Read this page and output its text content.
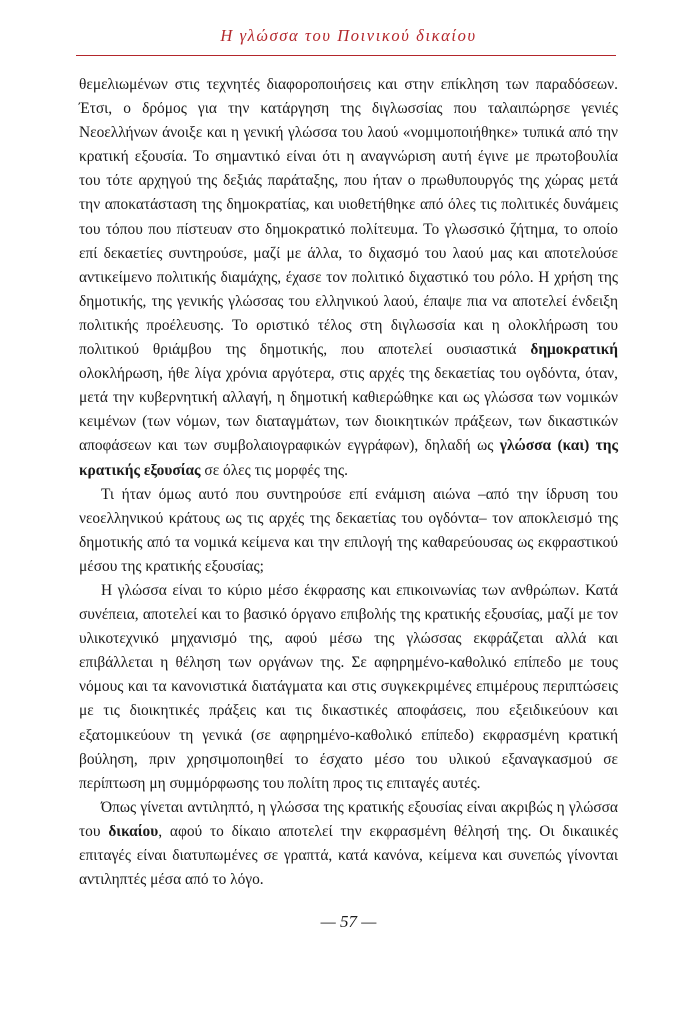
Η γλώσσα του Ποινικού δικαίου

θεμελιωμένων στις τεχνητές διαφοροποιήσεις και στην επίκληση των παραδόσεων. Έτσι, ο δρόμος για την κατάργηση της διγλωσσίας που ταλαιπώρησε γενιές Νεοελλήνων άνοιξε και η γενική γλώσσα του λαού «νομιμοποιήθηκε» τυπικά από την κρατική εξουσία. Το σημαντικό είναι ότι η αναγνώριση αυτή έγινε με πρωτοβουλία του τότε αρχηγού της δεξιάς παράταξης, που ήταν ο πρωθυπουργός της χώρας μετά την αποκατάσταση της δημοκρατίας, και υιοθετήθηκε από όλες τις πολιτικές δυνάμεις του τόπου που πίστευαν στο δημοκρατικό πολίτευμα. Το γλωσσικό ζήτημα, το οποίο επί δεκαετίες συντηρούσε, μαζί με άλλα, το διχασμό του λαού μας και αποτελούσε αντικείμενο πολιτικής διαμάχης, έχασε τον πολιτικό διχαστικό του ρόλο. Η χρήση της δημοτικής, της γενικής γλώσσας του ελληνικού λαού, έπαψε πια να αποτελεί ένδειξη πολιτικής προέλευσης. Το οριστικό τέλος στη διγλωσσία και η ολοκλήρωση του πολιτικού θριάμβου της δημοτικής, που αποτελεί ουσιαστικά δημοκρατική ολοκλήρωση, ήθε λίγα χρόνια αργότερα, στις αρχές της δεκαετίας του ογδόντα, όταν, μετά την κυβερνητική αλλαγή, η δημοτική καθιερώθηκε και ως γλώσσα των νομικών κειμένων (των νόμων, των διαταγμάτων, των διοικητικών πράξεων, των δικαστικών αποφάσεων και των συμβολαιογραφικών εγγράφων), δηλαδή ως γλώσσα (και) της κρατικής εξουσίας σε όλες τις μορφές της.

Τι ήταν όμως αυτό που συντηρούσε επί ενάμιση αιώνα –από την ίδρυση του νεοελληνικού κράτους ως τις αρχές της δεκαετίας του ογδόντα– τον αποκλεισμό της δημοτικής από τα νομικά κείμενα και την επιλογή της καθαρεύουσας ως εκφραστικού μέσου της κρατικής εξουσίας;

Η γλώσσα είναι το κύριο μέσο έκφρασης και επικοινωνίας των ανθρώπων. Κατά συνέπεια, αποτελεί και το βασικό όργανο επιβολής της κρατικής εξουσίας, μαζί με τον υλικοτεχνικό μηχανισμό της, αφού μέσω της γλώσσας εκφράζεται αλλά και επιβάλλεται η θέληση των οργάνων της. Σε αφηρημένο-καθολικό επίπεδο με τους νόμους και τα κανονιστικά διατάγματα και στις συγκεκριμένες επιμέρους περιπτώσεις με τις διοικητικές πράξεις και τις δικαστικές αποφάσεις, που εξειδικεύουν και εξατομικεύουν τη γενικά (σε αφηρημένο-καθολικό επίπεδο) εκφρασμένη κρατική βούληση, πριν χρησιμοποιηθεί το έσχατο μέσο του υλικού εξαναγκασμού σε περίπτωση μη συμμόρφωσης του πολίτη προς τις επιταγές αυτές.

Όπως γίνεται αντιληπτό, η γλώσσα της κρατικής εξουσίας είναι ακριβώς η γλώσσα του δικαίου, αφού το δίκαιο αποτελεί την εκφρασμένη θέλησή της. Οι δικαιικές επιταγές είναι διατυπωμένες σε γραπτά, κατά κανόνα, κείμενα και συνεπώς γίνονται αντιληπτές μέσα από το λόγο.

— 57 —
